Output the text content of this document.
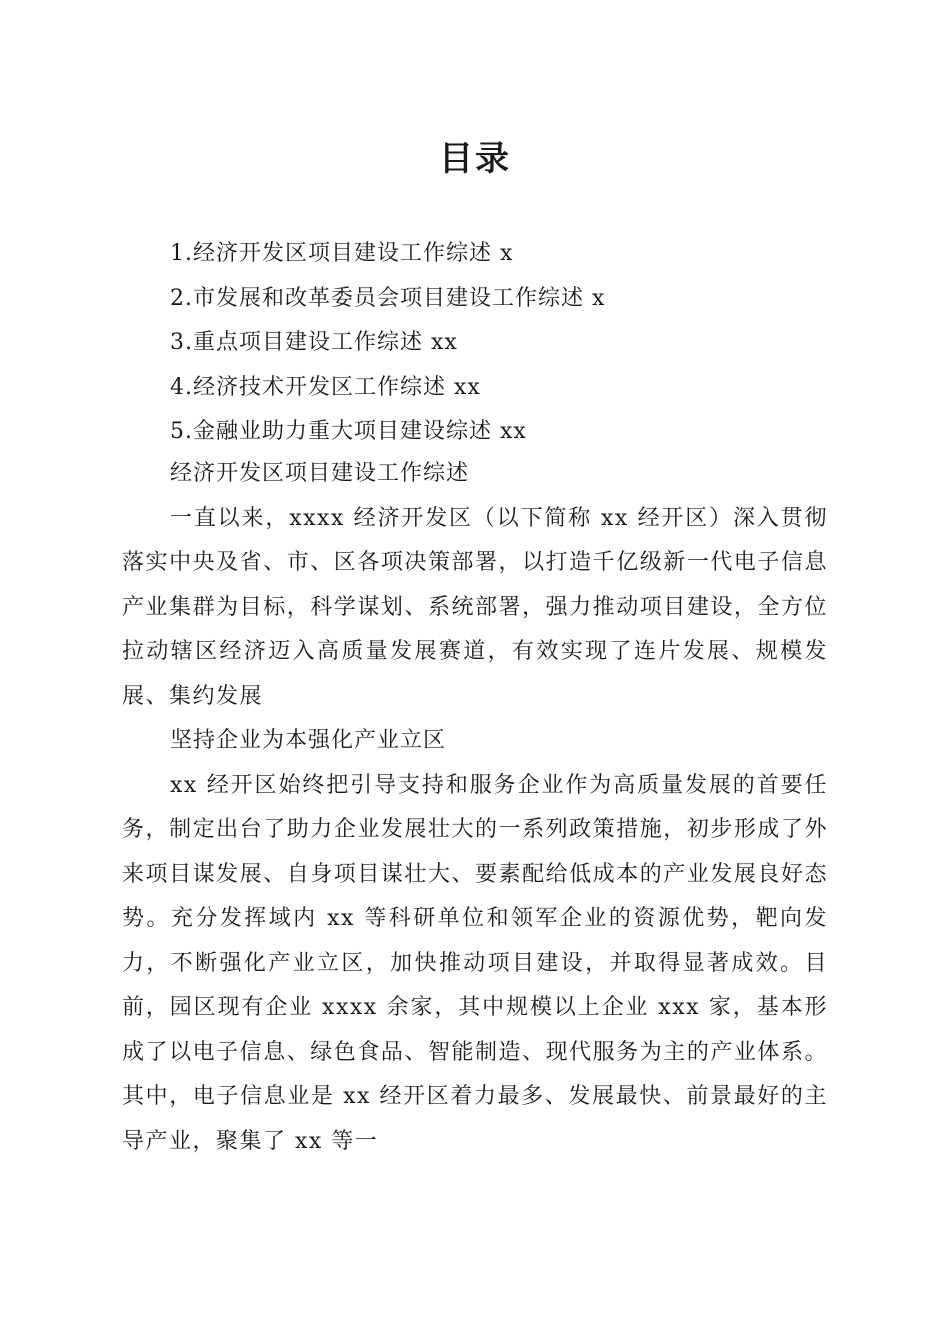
目录
1.经济开发区项目建设工作综述 x
2.市发展和改革委员会项目建设工作综述 x
3.重点项目建设工作综述 xx
4.经济技术开发区工作综述 xx
5.金融业助力重大项目建设综述 xx
经济开发区项目建设工作综述

一直以来，xxxx 经济开发区（以下简称 xx 经开区）深入贯彻落实中央及省、市、区各项决策部署，以打造千亿级新一代电子信息产业集群为目标，科学谋划、系统部署，强力推动项目建设，全方位拉动辖区经济迈入高质量发展赛道，有效实现了连片发展、规模发展、集约发展

坚持企业为本强化产业立区

xx 经开区始终把引导支持和服务企业作为高质量发展的首要任务，制定出台了助力企业发展壮大的一系列政策措施，初步形成了外来项目谋发展、自身项目谋壮大、要素配给低成本的产业发展良好态势。充分发挥域内 xx 等科研单位和领军企业的资源优势，靶向发力，不断强化产业立区，加快推动项目建设，并取得显著成效。目前，园区现有企业 xxxx 余家，其中规模以上企业 xxx 家，基本形成了以电子信息、绿色食品、智能制造、现代服务为主的产业体系。其中，电子信息业是 xx 经开区着力最多、发展最快、前景最好的主导产业，聚集了 xx 等一
